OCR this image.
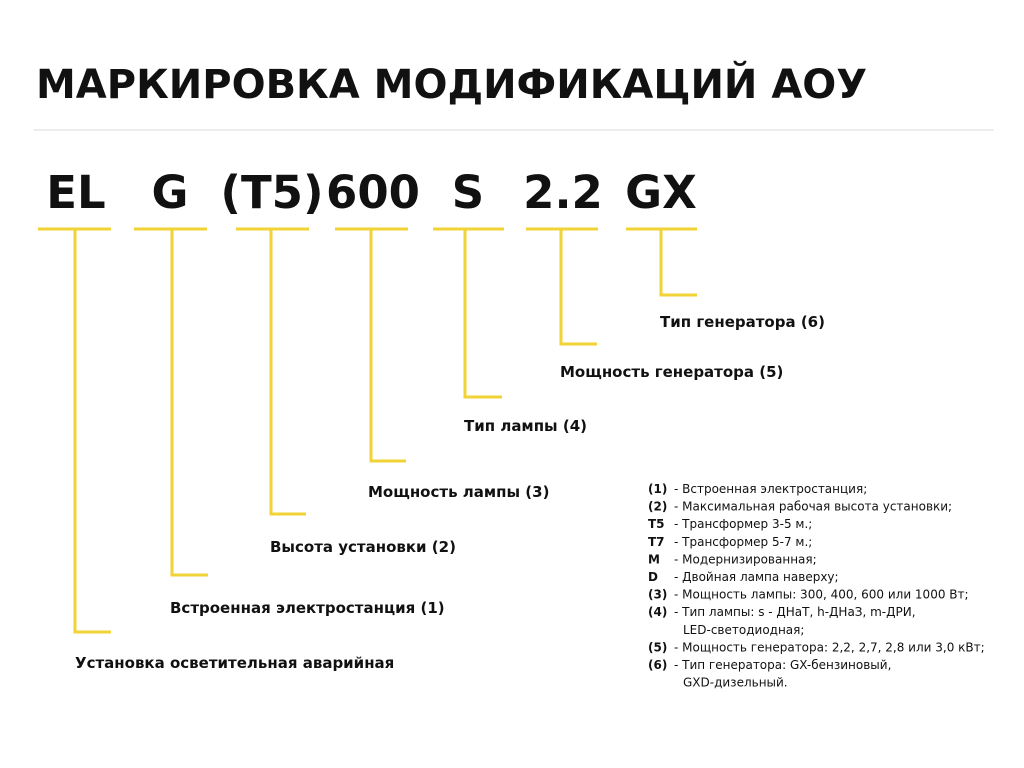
МАРКИРОВКА МОДИФИКАЦИЙ АОУ
EL
Установка осветительная аварийная
G
Встроенная электростанция (1)
(T5)
Высота установки (2)
600
Мощность лампы (3)
S
Тип лампы (4)
2.2
Мощность генератора (5)
GX
Тип генератора (6)
(1) - Встроенная электростанция;
(2) - Максимальная рабочая высота установки;
T5 - Трансформер 3-5 м.;
T7 - Трансформер 5-7 м.;
M - Модернизированная;
D - Двойная лампа наверху;
(3) - Мощность лампы: 300, 400, 600 или 1000 Вт;
(4) - Тип лампы: s - ДНаТ, h-ДНаЗ, m-ДРИ,
LED-светодиодная;
(5) - Мощность генератора: 2,2, 2,7, 2,8 или 3,0 кВт;
(6) - Тип генератора: GX-бензиновый,
GXD-дизельный.
